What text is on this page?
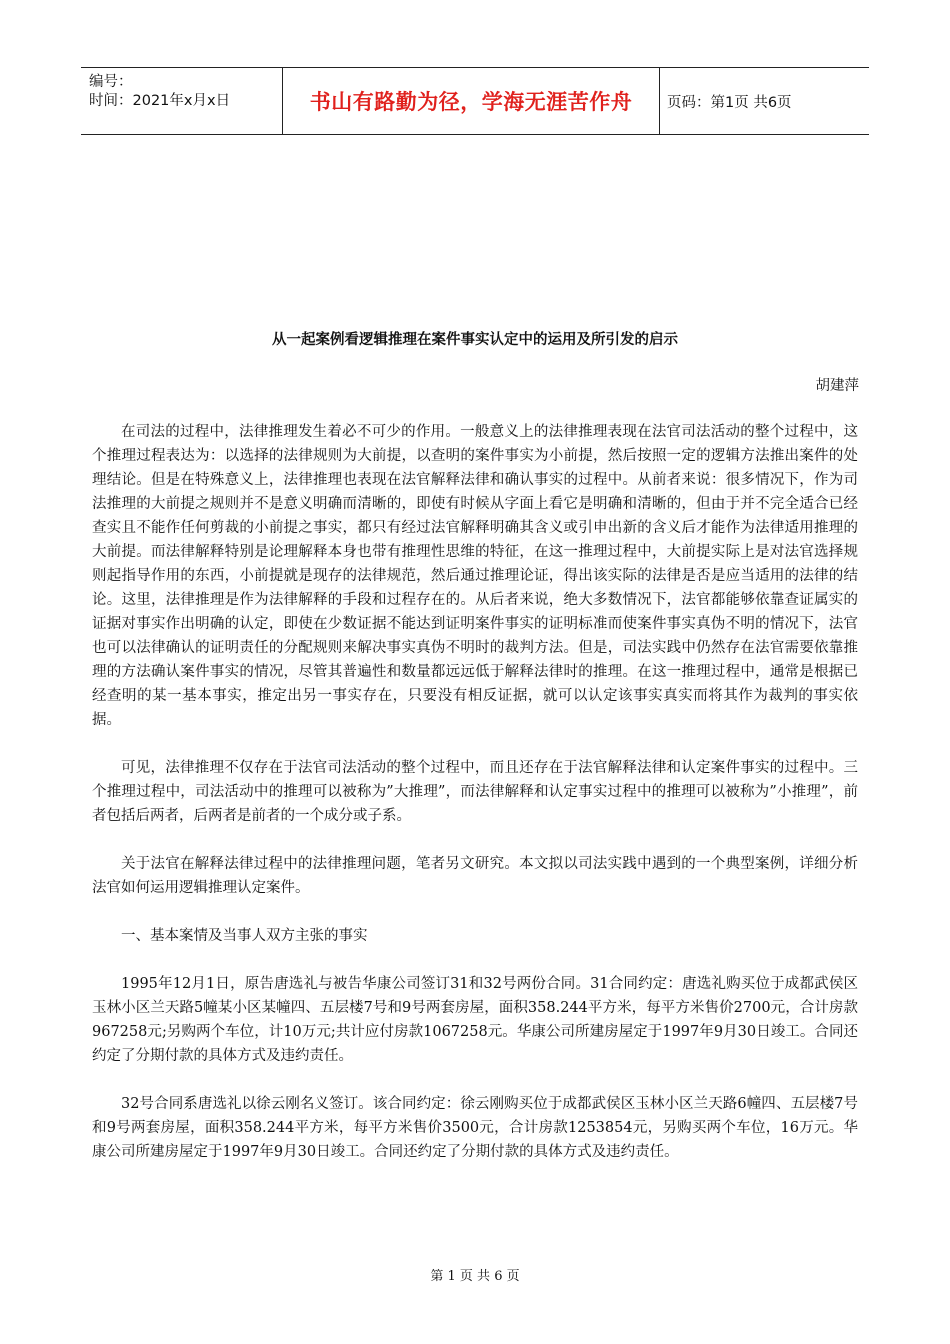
编号：
时间：2021年x月x日	书山有路勤为径，学海无涯苦作舟	页码：第1页 共6页
从一起案例看逻辑推理在案件事实认定中的运用及所引发的启示
胡建萍

在司法的过程中，法律推理发生着必不可少的作用。一般意义上的法律推理表现在法官司法活动的整个过程中，这个推理过程表达为：以选择的法律规则为大前提，以查明的案件事实为小前提，然后按照一定的逻辑方法推出案件的处理结论。但是在特殊意义上，法律推理也表现在法官解释法律和确认事实的过程中。从前者来说：很多情况下，作为司法推理的大前提之规则并不是意义明确而清晰的，即使有时候从字面上看它是明确和清晰的，但由于并不完全适合已经查实且不能作任何剪裁的小前提之事实，都只有经过法官解释明确其含义或引申出新的含义后才能作为法律适用推理的大前提。而法律解释特别是论理解释本身也带有推理性思维的特征，在这一推理过程中，大前提实际上是对法官选择规则起指导作用的东西，小前提就是现存的法律规范，然后通过推理论证，得出该实际的法律是否是应当适用的法律的结论。这里，法律推理是作为法律解释的手段和过程存在的。从后者来说，绝大多数情况下，法官都能够依靠查证属实的证据对事实作出明确的认定，即使在少数证据不能达到证明案件事实的证明标准而使案件事实真伪不明的情况下，法官也可以法律确认的证明责任的分配规则来解决事实真伪不明时的裁判方法。但是，司法实践中仍然存在法官需要依靠推理的方法确认案件事实的情况，尽管其普遍性和数量都远远低于解释法律时的推理。在这一推理过程中，通常是根据已经查明的某一基本事实，推定出另一事实存在，只要没有相反证据，就可以认定该事实真实而将其作为裁判的事实依据。

可见，法律推理不仅存在于法官司法活动的整个过程中，而且还存在于法官解释法律和认定案件事实的过程中。三个推理过程中，司法活动中的推理可以被称为”大推理”，而法律解释和认定事实过程中的推理可以被称为”小推理”，前者包括后两者，后两者是前者的一个成分或子系。

关于法官在解释法律过程中的法律推理问题，笔者另文研究。本文拟以司法实践中遇到的一个典型案例，详细分析法官如何运用逻辑推理认定案件。

一、基本案情及当事人双方主张的事实

1995年12月1日，原告唐选礼与被告华康公司签订31和32号两份合同。31合同约定：唐选礼购买位于成都武侯区玉林小区兰天路5幢某小区某幢四、五层楼7号和9号两套房屋，面积358.244平方米，每平方米售价2700元，合计房款967258元;另购两个车位，计10万元;共计应付房款1067258元。华康公司所建房屋定于1997年9月30日竣工。合同还约定了分期付款的具体方式及违约责任。

32号合同系唐选礼以徐云刚名义签订。该合同约定：徐云刚购买位于成都武侯区玉林小区兰天路6幢四、五层楼7号和9号两套房屋，面积358.244平方米，每平方米售价3500元，合计房款1253854元，另购买两个车位，16万元。华康公司所建房屋定于1997年9月30日竣工。合同还约定了分期付款的具体方式及违约责任。

第 1 页 共 6 页
